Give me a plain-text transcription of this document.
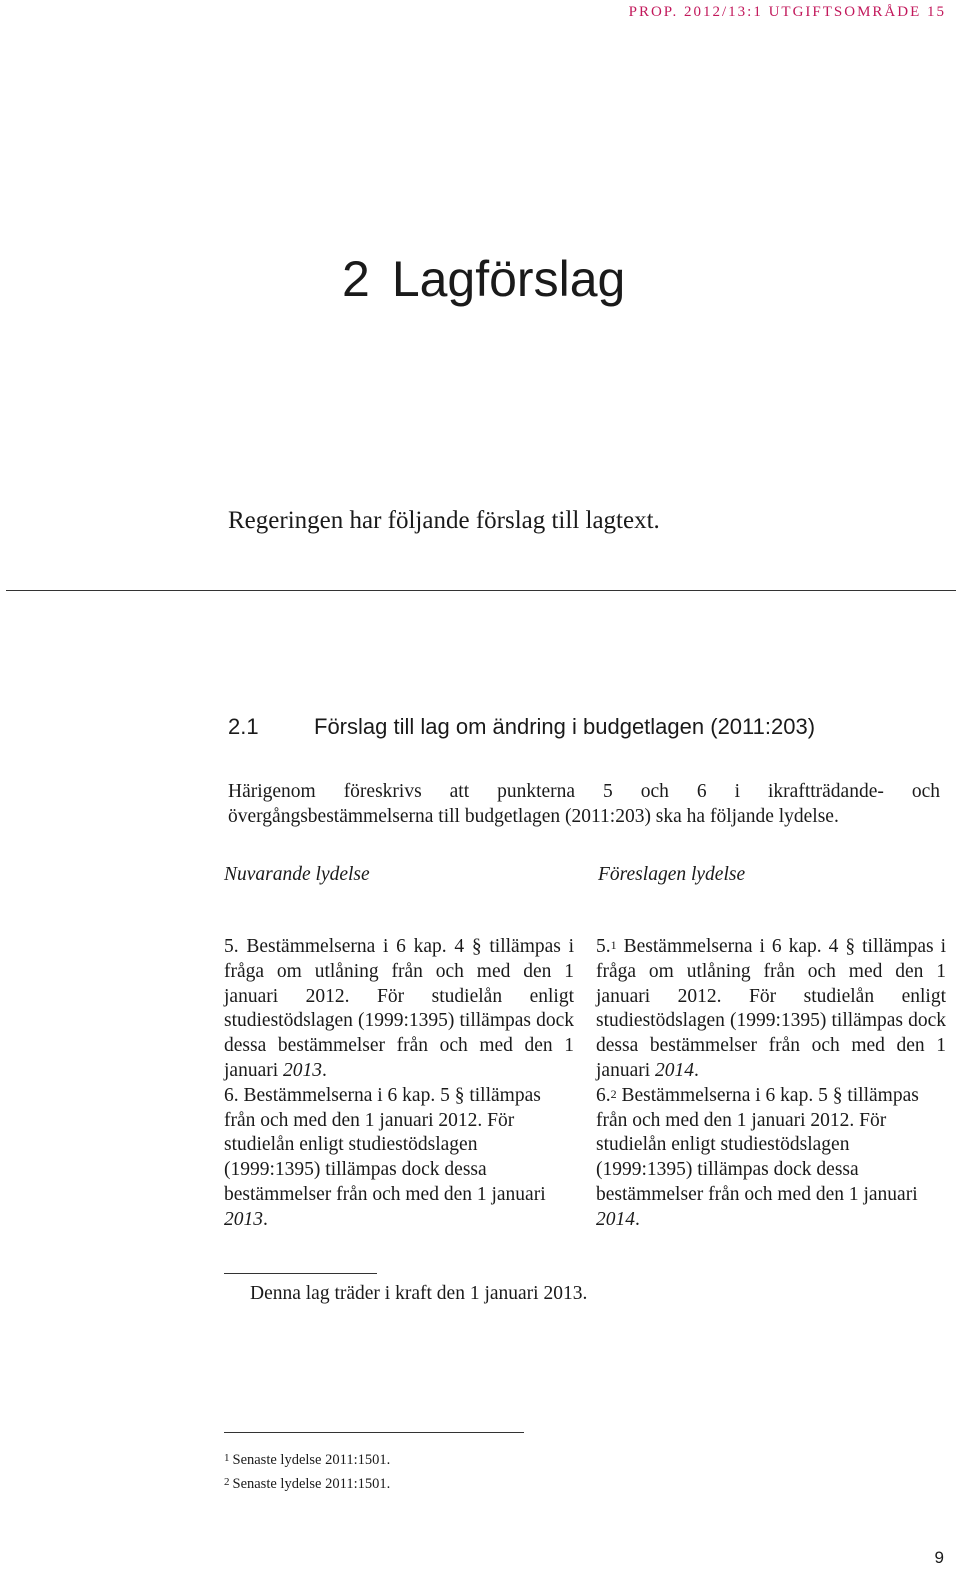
PROP. 2012/13:1 UTGIFTSOMRÅDE 15
2 Lagförslag
Regeringen har följande förslag till lagtext.
2.1	Förslag till lag om ändring i budgetlagen (2011:203)
Härigenom föreskrivs att punkterna 5 och 6 i ikraftträdande- och övergångsbestämmelserna till budgetlagen (2011:203) ska ha följande lydelse.
Nuvarande lydelse	Föreslagen lydelse

5. Bestämmelserna i 6 kap. 4 § tillämpas i fråga om utlåning från och med den 1 januari 2012. För studielån enligt studiestödslagen (1999:1395) tillämpas dock dessa bestämmelser från och med den 1 januari 2013.

6. Bestämmelserna i 6 kap. 5 § tillämpas från och med den 1 januari 2012. För studielån enligt studiestödslagen (1999:1395) tillämpas dock dessa bestämmelser från och med den 1 januari 2013.

5.$^1$ Bestämmelserna i 6 kap. 4 § tillämpas i fråga om utlåning från och med den 1 januari 2012. För studielån enligt studiestödslagen (1999:1395) tillämpas dock dessa bestämmelser från och med den 1 januari 2014.

6.$^2$ Bestämmelserna i 6 kap. 5 § tillämpas från och med den 1 januari 2012. För studielån enligt studiestödslagen (1999:1395) tillämpas dock dessa bestämmelser från och med den 1 januari 2014.

Denna lag träder i kraft den 1 januari 2013.
$^1$ Senaste lydelse 2011:1501.
$^2$ Senaste lydelse 2011:1501.
9
